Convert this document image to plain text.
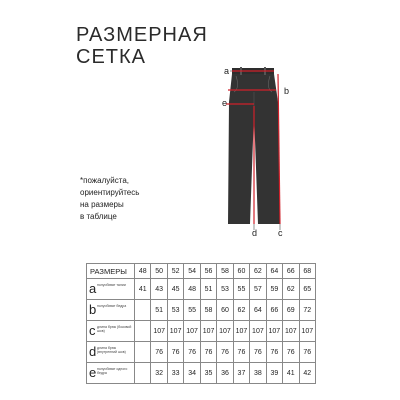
РАЗМЕРНАЯ
СЕТКА
a
b
e
d c
*пожалуйста,
ориентируйтесь
на размеры
в таблице
РАЗМЕРЫ	48	50	52	54	56	58	60	62	64	66	68

a полуобхват талии	41	43	45	48	51	53	55	57	59	62	65

b полуобхват бедра		51	53	55	58	60	62	64	66	69	72

c длина брюк (боковой шов)		107	107	107	107	107	107	107	107	107	107

d длина брюк (внутренний шов)		76	76	76	76	76	76	76	76	76	76

e полуобхват одного бедра		32	33	34	35	36	37	38	39	41	42
